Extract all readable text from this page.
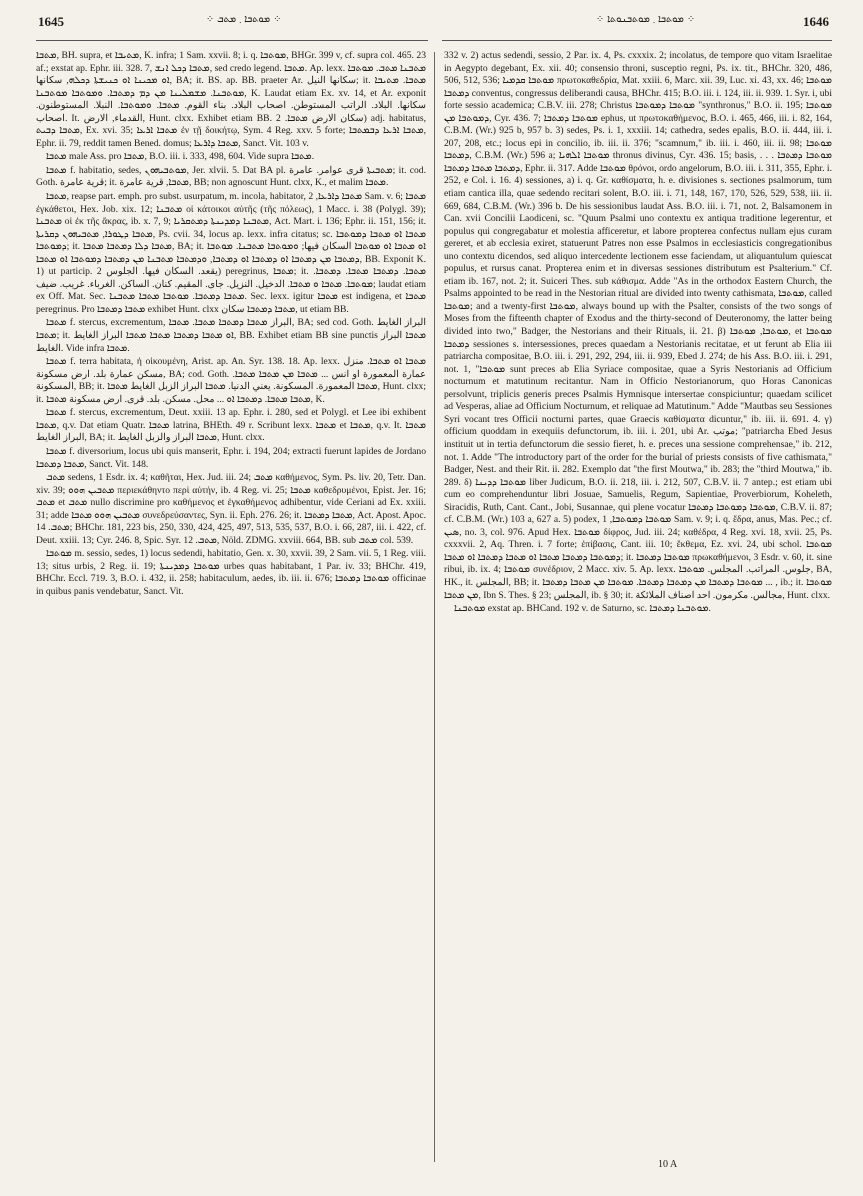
1645	⁘ ܡܘܬܒܐ ܂ ܡܬܒ ⁘	⁘ ܡܘܬܒܐ ܂ ܡܘܬܒܢܘܬܐ ⁘	1646

ܡܬܒܐ, BH. supra, et ܡܬܝܒܐ, K. infra; 1 Sam. xxvii. 8; i. q. ܡܘܬܒܐ, BHGr. 399 v, cf. supra col. 465. 23 af.; exstat ap. Ephr. iii. 328. 7, ܡܬܒܐ ܕܟܠ ܐܢܫ, sed credo legend. ܡܬܒܐ. Ap. lexx. ܡܬܒܢܐ ܡܬܒ. ܡܘܬܒܐ ܐܘ ܡܟܝܢܐ ܐܘ ܟܢܝܫܬܐ ܕܟܠܗ, سكانها, BA; it. BS. ap. BB. praeter Ar. سكانها النيل; it. ܡܬܒܐ. ܡܬܝܒܐ ܡܘܬܒܢܐ. ܡܫܡܠܝܢܐ ܡܢ ܕܡ ܕܡܬܒܐ. ܘܡܘܬܒܐ ܡܘܬܒܢܐ, K. Laudat etiam Ex. xv. 14, et Ar. exponit سكانها. البلاد. الراتب المستوطن. اصحاب البلاد. بناء القوم. ܡܬܒܐ. ܘܡܘܬܒܐ. النبلا. المستوطنون. اصحاب. It. القدماء, الارض, Hunt. clxx. Exhibet etiam BB. سكان الارض ܡܬܒܐ. 2) adj. habitatus, ܡܬܒܐ ܕܒܝܬ, Ex. xvi. 35; ܡܬܒܐ ܐܪܥܐ ἐν τῇ δοικήτῳ, Sym. 4 Reg. xxv. 5 forte; ܡܬܒܐ ܐܪܥܐ ܕܒܡܬܒܐ, Ephr. ii. 79, reddit tamen Bened. domus; ܡܬܒܐ ܕܐܪܥܐ, Sanct. Vit. 103 v.

ܡܬܒܐ male Ass. pro ܡܬܒܐ, B.O. iii. i. 333, 498, 604. Vide supra ܡܬܒܐ.

ܡܬܒܐ f. habitatio, sedes, ܡܘܬܒܝܗܘܢ, Jer. xlvii. 5. Dat BA pl. ܡܬܒܝܬܐ قرى عوامر. عامرة; it. cod. Goth. قرية عامرة; it. ܡܬܒܐ, قرية عامرة, BB; non agnoscunt Hunt. clxx, K., et malim ܡܬܒܐ.

ܡܬܒܐ, reapse part. emph. pro subst. usurpatum, m. incola, habitator, ܡܬܒܐ ܕܐܪܥܐ, 2 Sam. v. 6; ܡܬܒܐ ἐγκάθετοι, Hex. Job. xix. 12; ܡܬܒܢܐ οἱ κάτοικοι αὐτῆς (τῆς πόλεως), 1 Macc. i. 38 (Polygl. 39); ܡܬܒܢܐ οἱ ἐκ τῆς ἄκρας, ib. x. 7, 9; ܡܬܒܢܐ ܕܡܕܝܢܬܐ ܕܡܬܩܪܝܐ, Act. Mart. i. 136; Ephr. ii. 151, 156; it. ܡܬܒܐ ܕܛܘܪܐ, ܡܬܒܝܗܘܢ ܕܩܪܝܬܐ, Ps. cvii. 34, locus ap. lexx. infra citatus; sc. ܡܬܒܐ ܐܘ ܡܬܒܐ ܕܡܘܬܒܐ ܕܡܘܬܒܐ; it. ܡܬܒܐ ܕܠܐ ܕܡܬܒܐ ܡܬܒܐ, BA; it. ܐܘ ܡܬܒܐ ܐܘ ܡܘܬܒܐ السكان فيها; ܘܡܘܬܒܐ ܡܬܒܢܐ. ܡܘܬܒܐ ܕܡܬܒܐ ܡܢ ܕܡܬܒܐ ܐܘ ܕܡܬܒܐ ܐܘ ܕܡܬܒܐ, ܘܕܡܬܒܐ ܡܬܒܢܐ ܡܢ ܕܡܬܒܐ ܕܡܘܬܒܐ ܐܘ ܡܬܒܐ, BB. Exponit K. 1) ut particip. يقعد. السكان فيها. الجلوس 2) peregrinus, ܡܬܒܐ; it. ܡܬܒܐ. ܕܡܬܒܐ ܡܬܒܐ. ܕܡܬܒܐ. ܡܘܬܒܐ. ܡܬܒܐ ܘ ܡܬܒܐ. الدخيل. النزيل. جاى. المقيم. كنان. الساكن. الغرباء. غريب. ضيف; laudat etiam ex Off. Mat. Sec. ܡܬܒܐ ܕܡܬܒܐ. ܡܘܬܒܐ ܡܬܒܐ ܡܬܒܢܐ. Sec. lexx. igitur ܡܬܒܐ est indigena, et ܡܬܒܐ peregrinus. Pro ܡܬܒܐ ܕܡܬܒܐ exhibet Hunt. clxx ܡܬܒܐ ܕܡܬܒܐ سكان, ut etiam BB.

ܡܬܒܐ f. stercus, excrementum, البراز ܡܬܒܐ ܕܡܬܒܐ ܡܬܒܐ. ܡܬܒܐ, BA; sed cod. Goth. البراز الغايط ܡܬܒܐ; it. ܐܘ ܡܬܒܐ ܕܡܬܒܐ ܡܬܒܐ ܡܬܒܐ البراز الغايط, BB. Exhibet etiam BB sine punctis ܡܬܒܐ البراز الغايط. Vide infra ܡܬܒܐ.

ܡܬܒܐ f. terra habitata, ἡ οἰκουμένη, Arist. ap. An. Syr. 138. 18. Ap. lexx. ܡܬܒܐ ܐܘ ܡܬܒܐ. منزل مسكن عمارة بلد. ارض مسكونة, BA; cod. Goth. عمارة المعمورة او انس ... ܡܬܒܐ ܡܢ ܡܬܒܐ ܡܬܒܐ. المسكونة, BB; it. ܡܬܒܐ المعمورة. المسكونة. يعني الدنيا. ܡܬܒܐ البراز الزبل الغايط ܡܬܒܐ, Hunt. clxx; it. ܡܬܒܐ ܡܬܒܐ. ܕܡܬܒܐ ܐܘ ... محل. مسكن. بلد. قرى. ارض مسكونة ܡܬܒܐ, K.

ܡܬܒܐ f. stercus, excrementum, Deut. xxiii. 13 ap. Ephr. i. 280, sed et Polygl. et Lee ibi exhibent ܡܬܒܐ, q.v. Dat etiam Quatr. ܡܬܒܐ latrina, BHEth. 49 r. Scribunt lexx. ܡܬܒܐ et ܡܬܒܐ, q.v. It. ܡܬܒܐ البراز الغايط, BA; it. ܡܬܒܐ البراز والزبل الغايط, Hunt. clxx.

ܡܬܒܐ f. diversorium, locus ubi quis manserit, Ephr. i. 194, 204; extracti fuerunt lapides de Jordano ܡܬܒܐ ܕܡܬܒܐ, Sanct. Vit. 148.

ܡܬܒ sedens, 1 Esdr. ix. 4; καθῆται, Hex. Jud. iii. 24; ܡܬܒ καθήμενος, Sym. Ps. liv. 20, Tetr. Dan. xiv. 39; ܡܬܒܝܢ ܗܘܘ περιεκάθηντο περὶ αὐτήν, ib. 4 Reg. vi. 25; ܡܬܒܐ καθεδρυμένοι, Epist. Jer. 16; ܡܬܒ et ܡܬܒ nullo discrimine pro καθήμενος et ἐγκαθήμενος adhibentur, vide Ceriani ad Ex. xxiii. 31; adde ܡܬܒܝܢ ܗܘܘ ܡܬܒܐ συνεδρεύσαντες, Syn. ii. Eph. 276. 26; it. ܡܬܒܐ ܕܡܬܒܐ, Act. Apost. Apoc. ܡܬܒ. 14; BHChr. 181, 223 bis, 250, 330, 424, 425, 497, 513, 535, 537, B.O. i. 66, 287, iii. i. 422, cf. Deut. xxiii. 13; Cyr. 246. 8, Spic. Syr. ܡܬܒ. 12, Nöld. ZDMG. xxviii. 664, BB. sub ܡܬܒ col. 539.

ܡܘܬܒܐ m. sessio, sedes, 1) locus sedendi, habitatio, Gen. x. 30, xxvii. 39, 2 Sam. vii. 5, 1 Reg. viii. 13; situs urbis, 2 Reg. ii. 19; ܡܘܬܒܐ ܕܡܕܝܢܬܐ urbes quas habitabant, 1 Par. iv. 33; BHChr. 419, BHChr. Eccl. 719. 3, B.O. i. 432, ii. 258; habitaculum, aedes, ib. iii. ii. 676; ܡܘܬܒܐ ܕܡܬܒܐ officinae in quibus panis vendebatur, Sanct. Vit.

332 v. 2) actus sedendi, sessio, 2 Par. ix. 4, Ps. cxxxix. 2; incolatus, de tempore quo vitam Israelitae in Aegypto degebant, Ex. xii. 40; consensio throni, susceptio regni, Ps. ix. tit., BHChr. 320, 486, 506, 512, 536; ܡܘܬܒܐ ܩܕܡܝܐ πρωτοκαθεδρία, Mat. xxiii. 6, Marc. xii. 39, Luc. xi. 43, xx. 46; ܡܘܬܒܐ ܕܡܬܒܐ conventus, congressus deliberandi causa, BHChr. 415; B.O. iii. i. 124, iii. ii. 939. 1. Syr. i, ubi forte sessio academica; C.B.V. iii. 278; Christus ܡܘܬܒܐ ܕܡܘܬܒܐ "synthronus," B.O. ii. 195; ܡܘܬܒܐ ܕܡܘܬܒܐ ܡܢ, Cyr. 436. 7; ܡܘܬܒܐ ܕܡܬܒܐ ephus, ut πρωτοκαθήμενος, B.O. i. 465, 466, iii. i. 82, 164, C.B.M. (Wr.) 925 b, 957 b. 3) sedes, Ps. i. 1, xxxiii. 14; cathedra, sedes epalis, B.O. ii. 444, iii. i. 207, 208, etc.; locus epi in concilio, ib. iii. ii. 376; "scamnum," ib. iii. i. 460, iii. ii. 98; ܡܘܬܒܐ ܕܡܬܒܐ, C.B.M. (Wr.) 596 a; ܡܘܬܒܐ ܐܠܗܝܐ thronus divinus, Cyr. 436. 15; basis, . . . ܡܘܬܒܐ ܕܡܬܒܐ ܕܡܬܒܐ ܡܬܒܐ ܕܡܬܒܐ, Ephr. ii. 317. Adde ܡܘܬܒܐ θρόνοι, ordo angelorum, B.O. iii. i. 311, 355, Ephr. i. 252, e Col. i. 16. 4) sessiones, a) i. q. Gr. καθίσματα, h. e. divisiones s. sectiones psalmorum, tum etiam cantica illa, quae sedendo recitari solent, B.O. iii. i. 71, 148, 167, 170, 526, 529, 538, iii. ii. 669, 684, C.B.M. (Wr.) 396 b. De his sessionibus laudat Ass. B.O. iii. i. 71, not. 2, Balsamonem in Can. xvii Concilii Laodiceni, sc. "Quum Psalmi uno contextu ex antiqua traditione legerentur, et populus qui congregabatur et molestia afficeretur, et labore propterea confectus nullam ejus curam gereret, et ab ecclesia exiret, statuerunt Patres non esse Psalmos in ecclesiasticis congregationibus uno contextu dicendos, sed aliquo intercedente lectionem esse faciendam, ut aliquantulum quiescat populus, et rursus canat. Propterea enim et in diversas sessiones distributum est Psalterium." Cf. etiam ib. 167, not. 2; it. Suiceri Thes. sub κάθισμα. Adde "As in the orthodox Eastern Church, the Psalms appointed to be read in the Nestorian ritual are divided into twenty cathismata, ܡܘܬܒܐ, called ܡܘܬܒܐ; and a twenty-first ܡܘܬܒܐ, always bound up with the Psalter, consists of the two songs of Moses from the fifteenth chapter of Exodus and the thirty-second of Deuteronomy, the latter being divided into two," Badger, the Nestorians and their Rituals, ii. 21. β) ܡܘܬܒܐ, ܡܘܬܒܐ, et ܡܘܬܒܐ ܕܡܬܒܐ sessiones s. intersessiones, preces quaedam a Nestorianis recitatae, et ut ferunt ab Elia iii patriarcha compositae, B.O. iii. i. 291, 292, 294, iii. ii. 939, Ebed J. 274; de his Ass. B.O. iii. i. 291, not. 1, "ܡܘܬܒܐ sunt preces ab Elia Syriace compositae, quae a Syris Nestorianis ad Officium nocturnum et matutinum recitantur. Nam in Officio Nestorianorum, quo Horas Canonicas persolvunt, triplicis generis preces Psalmis Hymnisque intersertae conspiciuntur; quaedam scilicet ad Vesperas, aliae ad Officium Nocturnum, et reliquae ad Matutinum." Adde "Mautbas seu Sessiones Syri vocant tres Officii nocturni partes, quae Graecis καθίσματα dicuntur," ib. iii. ii. 691. 4. γ) officium quoddam in exequiis defunctorum, ib. iii. i. 201, ubi Ar. موتب; "patriarcha Ebed Jesus instituit ut in tertia defunctorum die sessio fieret, h. e. preces una sessione comprehensae," ib. 212, not. 1. Adde "The introductory part of the order for the burial of priests consists of five cathismata," Badger, Nest. and their Rit. ii. 282. Exemplo dat "the first Moutwa," ib. 283; the "third Moutwa," ib. 289. δ) ܡܘܬܒܐ ܕܕܝܢܐ liber Judicum, B.O. ii. 218, iii. i. 212, 507, C.B.V. ii. 7 antep.; est etiam ubi cum eo comprehenduntur libri Josuae, Samuelis, Regum, Sapientiae, Proverbiorum, Koheleth, Siracidis, Ruth, Cant. Cant., Jobi, Susannae, qui plene vocatur ܡܘܬܒܐ ܕܡܘܬܒܐ ܕܡܬܒܐ, C.B.V. ii. 87; cf. C.B.M. (Wr.) 103 a, 627 a. 5) podex, ܡܘܬܒܐ ܕܡܘܬܒܐ, 1 Sam. v. 9; i. q. ἕδρα, anus, Mas. Pec.; cf. ܣܝܢ, no. 3, col. 976. Apud Hex. ܡܘܬܒܐ δίφρος, Jud. iii. 24; καθέδρα, 4 Reg. xvi. 18, xvii. 25, Ps. cxxxvii. 2, Aq. Thren. i. 7 forte; ἐπίβασις, Cant. iii. 10; ἕκθεμα, Ez. xvi. 24, ubi schol. ܡܘܬܒܐ ܕܡܘܬܒܐ ܕܡܬܒܐ ܡܬܒܐ ܐܘ ܡܬܒܐ ܕܡܬܒܐ ܐܘ ܡܬܒܐ; it. ܡܘܬܒܐ ܕܡܬܒܐ πρωκαθήμενοι, 3 Esdr. v. 60, it. sine ribui, ib. ix. 4; ܡܘܬܒܐ συνέδριον, 2 Macc. xiv. 5. Ap. lexx. جلوس. المراتب. المجلس. ܡܘܬܒܐ, BA, HK., it. المجلس, BB; it. ܡܘܬܒܐ ܕܡܬܒܐ ܡܢ ܕܡܬܒܐ ܕܡܬܒܐ. ܡܘܬܒܐ ܡܢ ܡܬܒܐ ܕܡܬܒܐ ... , ib.; it. ܡܘܬܒܐ ܡܢ ܡܬܒܐ, Ibn S. Thes. § 23; المجلس, ib. § 30; it. مجالس. مكرمون. احد اصناف الملائكة, Hunt. clxx.

ܡܘܬܒܢܐ exstat ap. BHCand. 192 v. de Saturno, sc. ܡܘܬܒܢܐ ܕܡܬܒܐ.

10 A
